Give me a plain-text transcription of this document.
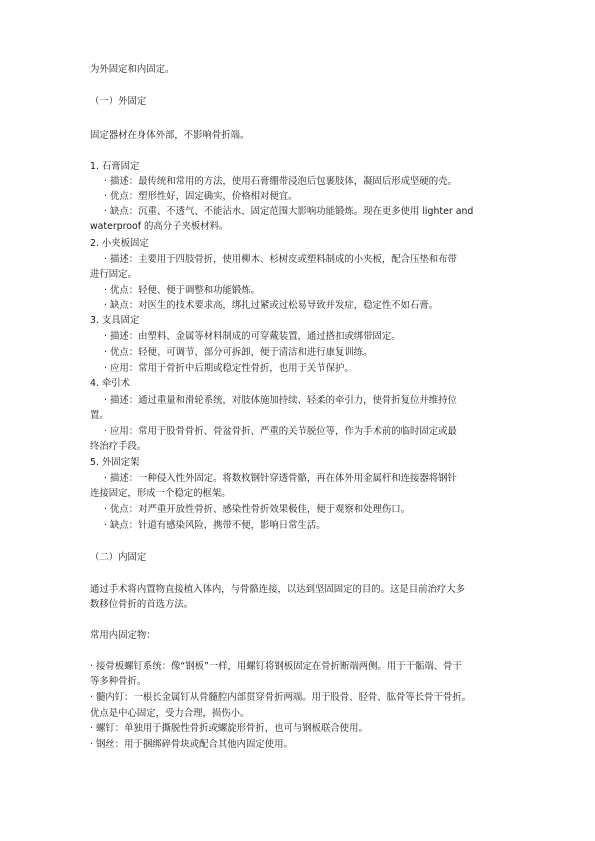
为外固定和内固定。
（一）外固定
固定器材在身体外部，不影响骨折端。
1. 石膏固定
· 描述：最传统和常用的方法，使用石膏绷带浸泡后包裹肢体，凝固后形成坚硬的壳。
· 优点：塑形性好，固定确实，价格相对便宜。
· 缺点：沉重、不透气、不能沾水、固定范围大影响功能锻炼。现在更多使用 lighter and
waterproof 的高分子夹板材料。
2. 小夹板固定
· 描述：主要用于四肢骨折，使用柳木、杉树皮或塑料制成的小夹板，配合压垫和布带
进行固定。
· 优点：轻便、便于调整和功能锻炼。
· 缺点：对医生的技术要求高，绑扎过紧或过松易导致并发症，稳定性不如石膏。
3. 支具固定
· 描述：由塑料、金属等材料制成的可穿戴装置，通过搭扣或绑带固定。
· 优点：轻便、可调节、部分可拆卸，便于清洁和进行康复训练。
· 应用：常用于骨折中后期或稳定性骨折，也用于关节保护。
4. 牵引术
· 描述：通过重量和滑轮系统，对肢体施加持续、轻柔的牵引力，使骨折复位并维持位
置。
· 应用：常用于股骨骨折、骨盆骨折、严重的关节脱位等，作为手术前的临时固定或最
终治疗手段。
5. 外固定架
· 描述：一种侵入性外固定。将数枚钢针穿透骨骼，再在体外用金属杆和连接器将钢针
连接固定，形成一个稳定的框架。
· 优点：对严重开放性骨折、感染性骨折效果极佳，便于观察和处理伤口。
· 缺点：针道有感染风险，携带不便，影响日常生活。
（二）内固定
通过手术将内置物直接植入体内，与骨骼连接，以达到坚固固定的目的。这是目前治疗大多
数移位骨折的首选方法。
常用内固定物：
· 接骨板螺钉系统：像“钢板”一样，用螺钉将钢板固定在骨折断端两侧。用于干骺端、骨干
等多种骨折。
· 髓内钉：一根长金属钉从骨髓腔内部贯穿骨折两端。用于股骨、胫骨、肱骨等长骨干骨折。
优点是中心固定，受力合理，损伤小。
· 螺钉：单独用于撕脱性骨折或螺旋形骨折，也可与钢板联合使用。
· 钢丝：用于捆绑碎骨块或配合其他内固定使用。
